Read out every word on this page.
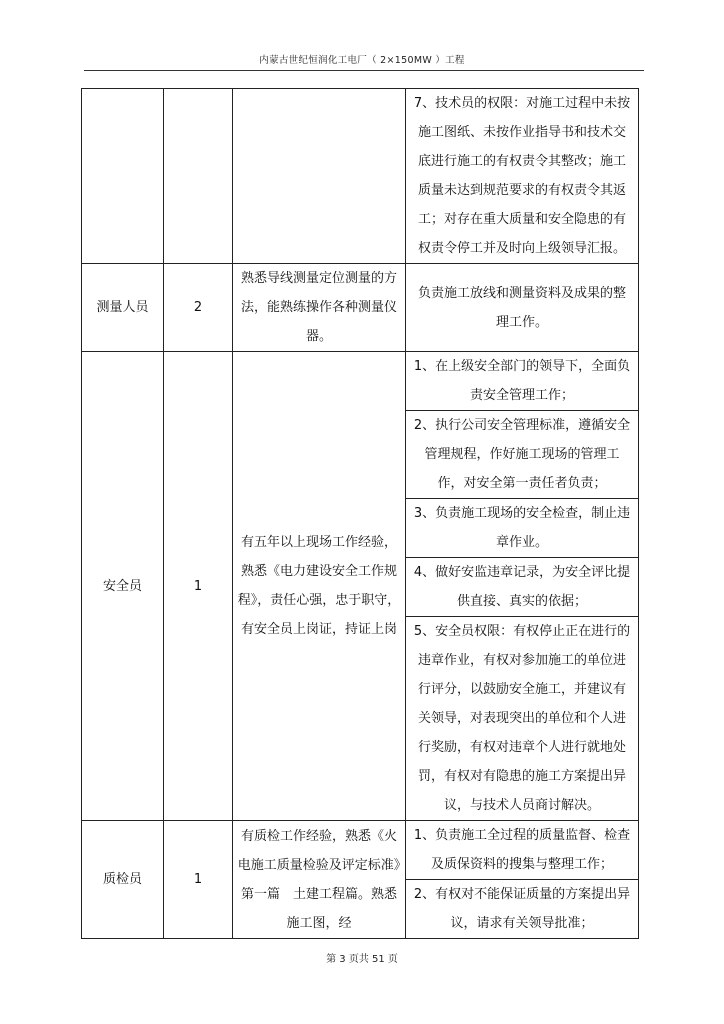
内蒙古世纪恒润化工电厂（ 2×150MW ）工程

			7、技术员的权限：对施工过程中未按施工图纸、未按作业指导书和技术交底进行施工的有权责令其整改；施工质量未达到规范要求的有权责令其返工；对存在重大质量和安全隐患的有权责令停工并及时向上级领导汇报。

测量人员	2	熟悉导线测量定位测量的方法，能熟练操作各种测量仪器。	负责施工放线和测量资料及成果的整理工作。

安全员	1	有五年以上现场工作经验，熟悉《电力建设安全工作规程》，责任心强，忠于职守，有安全员上岗证，持证上岗	1、在上级安全部门的领导下，全面负责安全管理工作；
2、执行公司安全管理标准，遵循安全管理规程，作好施工现场的管理工作，对安全第一责任者负责；
3、负责施工现场的安全检查，制止违章作业。
4、做好安监违章记录，为安全评比提供直接、真实的依据；
5、安全员权限：有权停止正在进行的违章作业，有权对参加施工的单位进行评分，以鼓励安全施工，并建议有关领导，对表现突出的单位和个人进行奖励，有权对违章个人进行就地处罚，有权对有隐患的施工方案提出异议，与技术人员商讨解决。

质检员	1	有质检工作经验，熟悉《火电施工质量检验及评定标准》第一篇　土建工程篇。熟悉施工图，经	1、负责施工全过程的质量监督、检查及质保资料的搜集与整理工作；
2、有权对不能保证质量的方案提出异议，请求有关领导批准；
第 3 页共 51 页
